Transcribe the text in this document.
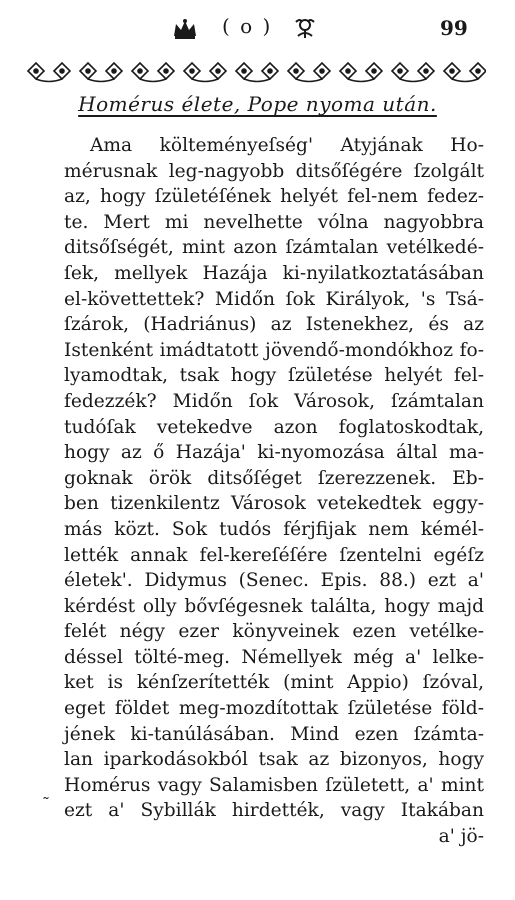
( o )	99
Homérus élete, Pope nyoma után.
Ama költeményeſség' Atyjának Ho-
mérusnak leg-nagyobb ditsőſégére ſzolgált
az, hogy ſzületéſének helyét fel-nem fedez-
te. Mert mi nevelhette vólna nagyobbra
ditsőſségét, mint azon ſzámtalan vetélkedé-
ſek, mellyek Hazája ki-nyilatkoztatásában
el-követtettek? Midőn ſok Királyok, 's Tsá-
ſzárok, (Hadriánus) az Istenekhez, és az
Istenként imádtatott jövendő-mondókhoz fo-
lyamodtak, tsak hogy ſzületése helyét fel-
fedezzék? Midőn ſok Városok, ſzámtalan
tudóſak vetekedve azon foglatoskodtak,
hogy az ő Hazája' ki-nyomozása által ma-
goknak örök ditsőſéget ſzerezzenek. Eb-
ben tizenkilentz Városok vetekedtek eggy-
más közt. Sok tudós férjfijak nem kémél-
lették annak fel-kereſéſére ſzentelni egéſz
életek'. Didymus (Senec. Epis. 88.) ezt a'
kérdést olly bővſégesnek találta, hogy majd
felét négy ezer könyveinek ezen vetélke-
déssel tölté-meg. Némellyek még a' lelke-
ket is kénſzerítették (mint Appio) ſzóval,
eget földet meg-mozdítottak ſzületése föld-
jének ki-tanúlásában. Mind ezen ſzámta-
lan iparkodásokból tsak az bizonyos, hogy
Homérus vagy Salamisben ſzületett, a' mint
ezt a' Sybillák hirdették, vagy Itakában
a' jö-
˜
